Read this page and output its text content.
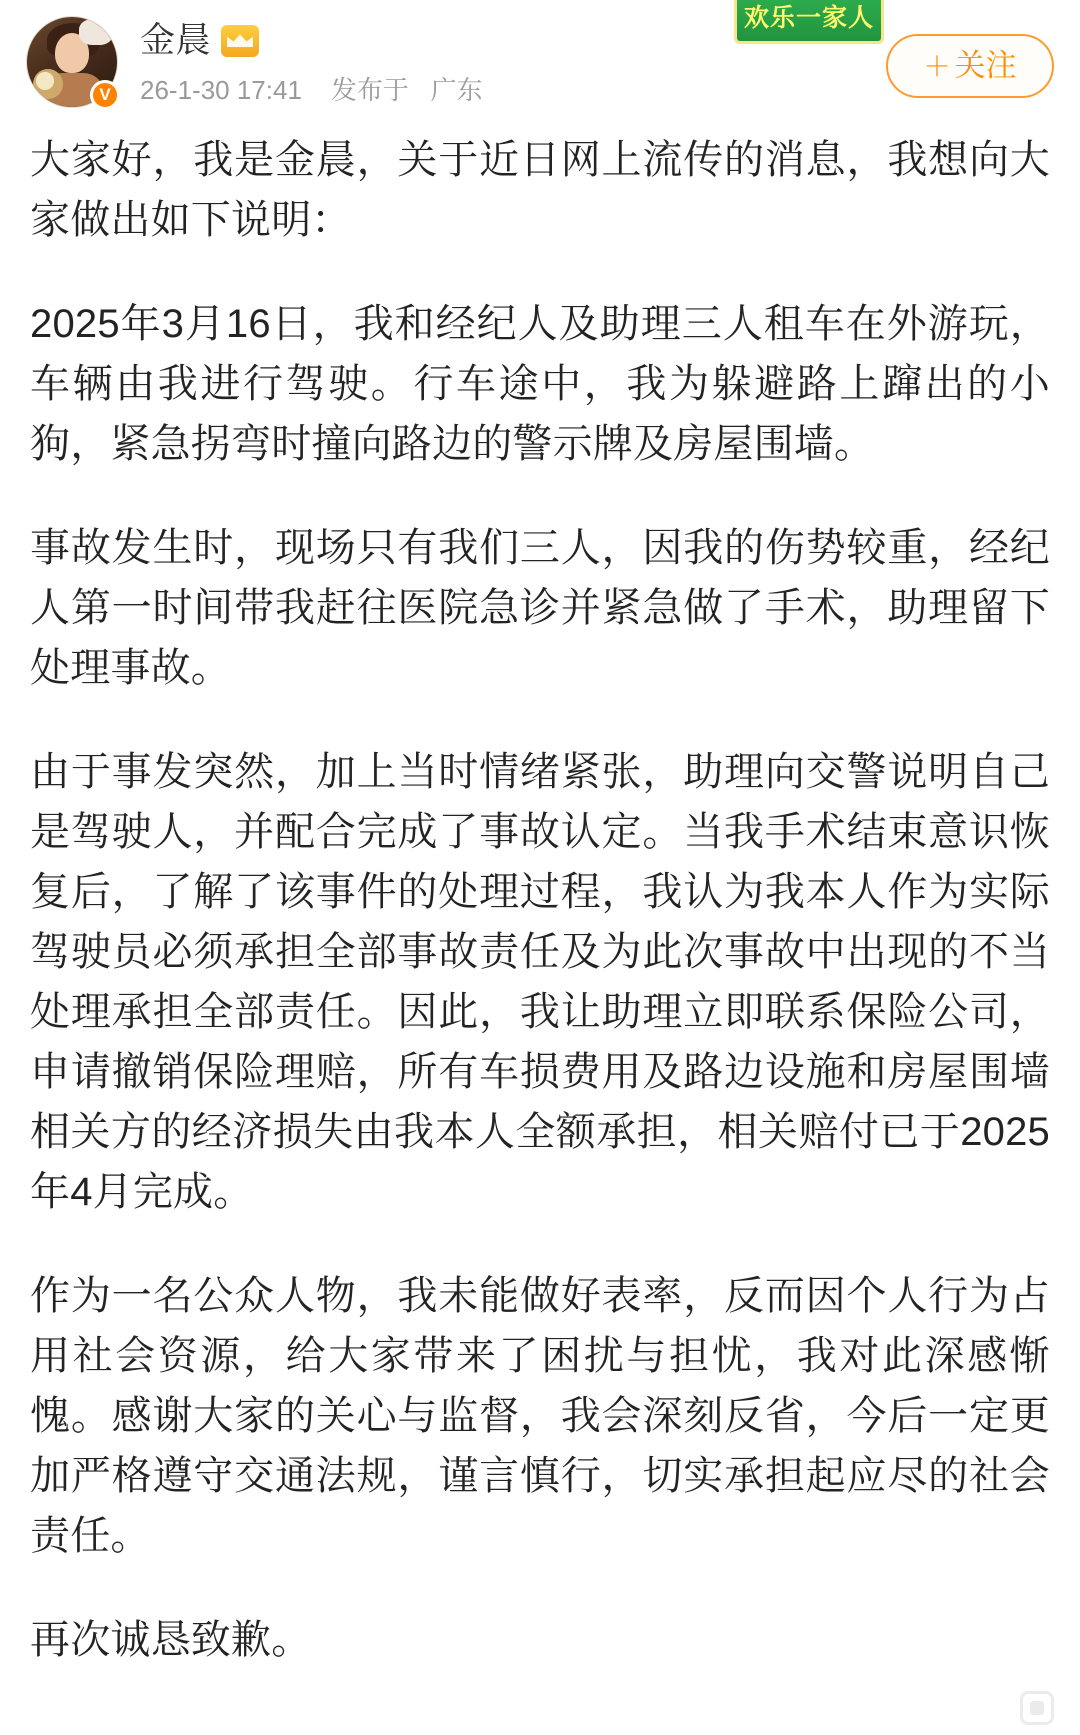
V
金晨
26-1-30 17:41 发布于 广东
欢乐一家人
＋ 关注

大家好，我是金晨，关于近日网上流传的消息，我想向大家做出如下说明：

2025年3月16日，我和经纪人及助理三人租车在外游玩，车辆由我进行驾驶。行车途中，我为躲避路上蹿出的小狗，紧急拐弯时撞向路边的警示牌及房屋围墙。

事故发生时，现场只有我们三人，因我的伤势较重，经纪人第一时间带我赶往医院急诊并紧急做了手术，助理留下处理事故。

由于事发突然，加上当时情绪紧张，助理向交警说明自己是驾驶人，并配合完成了事故认定。当我手术结束意识恢复后，了解了该事件的处理过程，我认为我本人作为实际驾驶员必须承担全部事故责任及为此次事故中出现的不当处理承担全部责任。因此，我让助理立即联系保险公司，申请撤销保险理赔，所有车损费用及路边设施和房屋围墙相关方的经济损失由我本人全额承担，相关赔付已于2025年4月完成。

作为一名公众人物，我未能做好表率，反而因个人行为占用社会资源，给大家带来了困扰与担忧，我对此深感惭愧。感谢大家的关心与监督，我会深刻反省，今后一定更加严格遵守交通法规，谨言慎行，切实承担起应尽的社会责任。

再次诚恳致歉。
